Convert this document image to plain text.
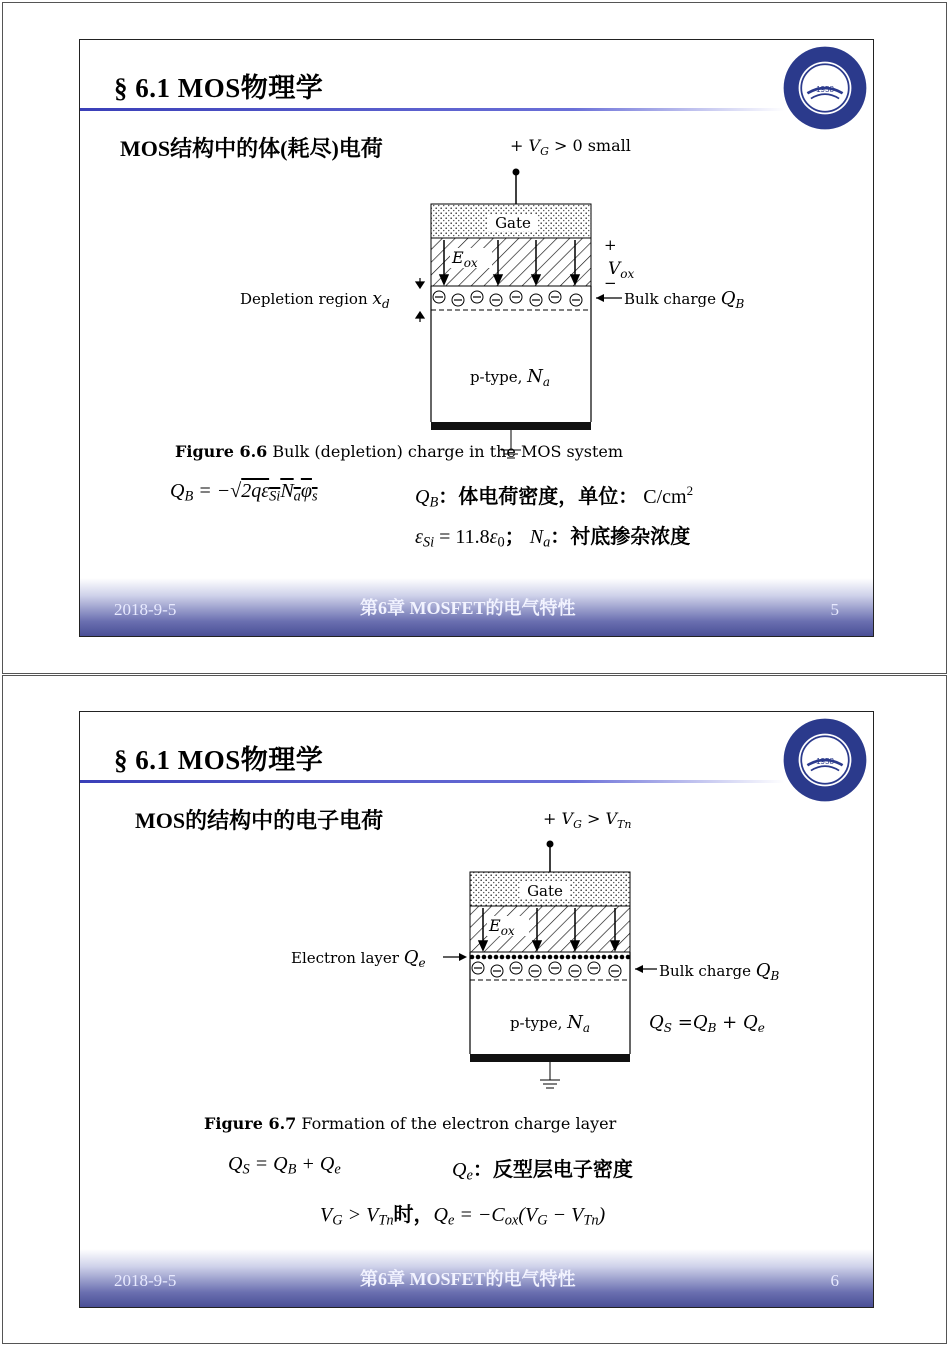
§ 6.1 MOS物理学	1958
MOS结构中的体(耗尽)电荷	+ $V_G > 0$ small
Gate
$E_{ox}$
+
$V_{ox}$
−
Bulk charge $Q_B$
Depletion region $x_d$
p-type, $N_a$
Figure 6.6 Bulk (depletion) charge in the MOS system
$Q_B = -√2q\varepsilon_{Si}N_a\varphi_s$	$Q_B$：体电荷密度，单位： $C/cm^2$
$\varepsilon_{Si} = 11.8\varepsilon_0$； $N_a$：衬底掺杂浓度
2018-9-5	第6章 MOSFET的电气特性	5
§ 6.1 MOS物理学	1958
MOS的结构中的电子电荷	+ $V_G > V_{Tn}$
Gate
$E_{ox}$
Electron layer $Q_e$	Bulk charge $Q_B$
p-type, $N_a$	$Q_S =Q_B + Q_e$
Figure 6.7 Formation of the electron charge layer
$Q_S = Q_B + Q_e$	$Q_e$：反型层电子密度
$V_G > V_{Tn}$时，$Q_e = -C_{ox}(V_G - V_{Tn})$
2018-9-5	第6章 MOSFET的电气特性	6
